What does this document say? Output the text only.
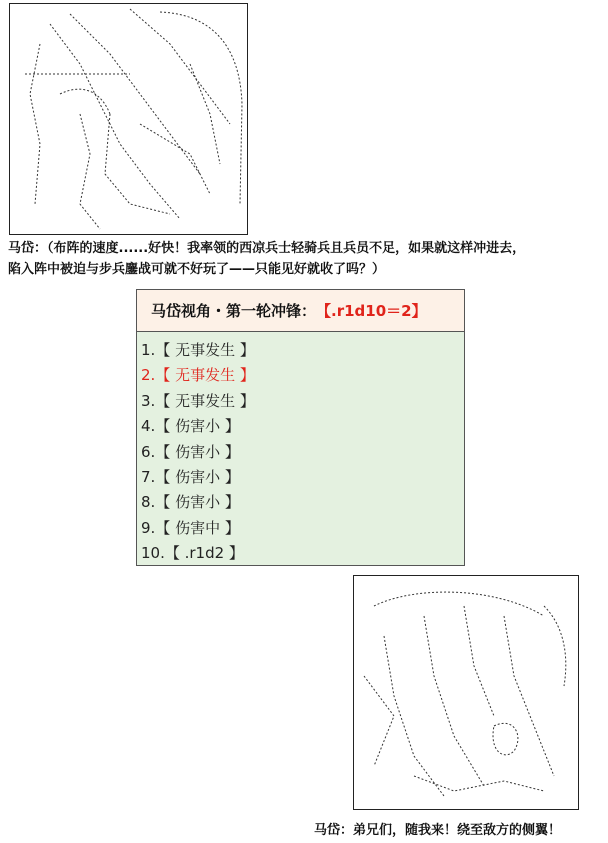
马岱：（布阵的速度......好快！我率领的西凉兵士轻骑兵且兵员不足，如果就这样冲进去，
陷入阵中被迫与步兵鏖战可就不好玩了——只能见好就收了吗？）
马岱视角・第一轮冲锋： 【.r1d10＝2】
1.【 无事发生 】
2.【 无事发生 】
3.【 无事发生 】
4.【 伤害小 】
6.【 伤害小 】
7.【 伤害小 】
8.【 伤害小 】
9.【 伤害中 】
10.【 .r1d2 】
马岱：弟兄们，随我来！绕至敌方的侧翼！
